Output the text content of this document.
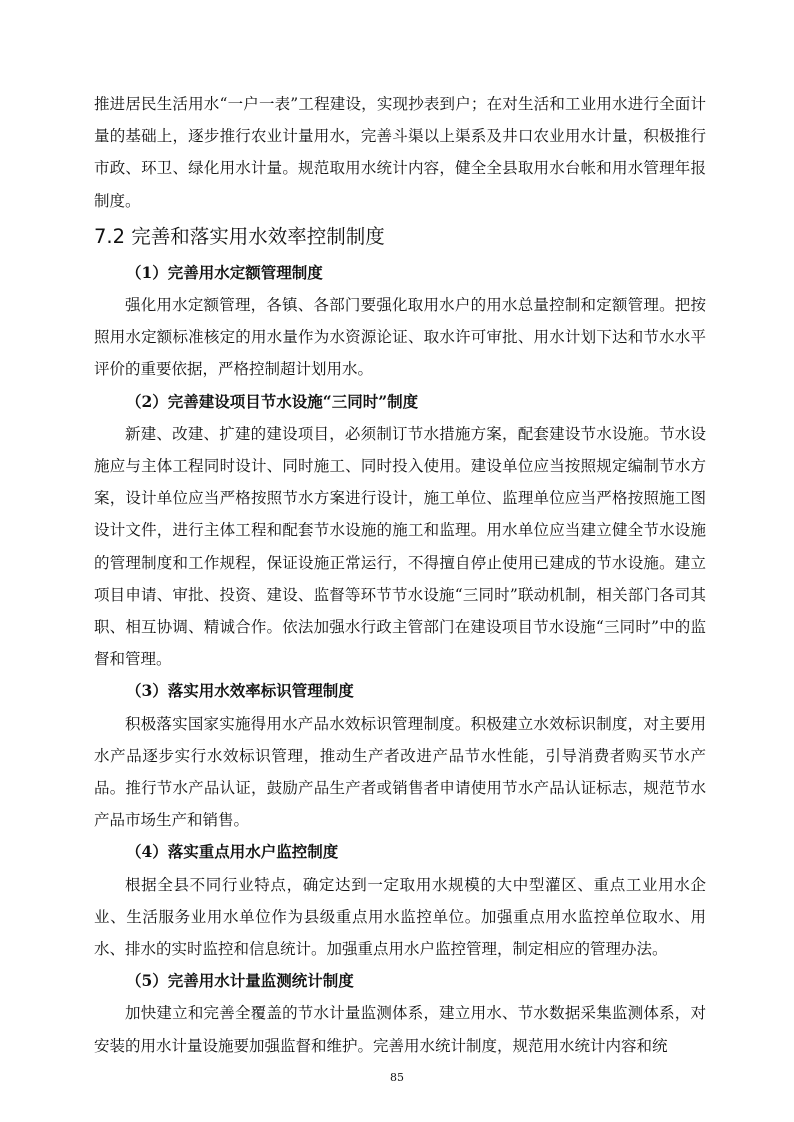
推进居民生活用水“一户一表”工程建设，实现抄表到户；在对生活和工业用水进行全面计量的基础上，逐步推行农业计量用水，完善斗渠以上渠系及井口农业用水计量，积极推行市政、环卫、绿化用水计量。规范取用水统计内容，健全全县取用水台帐和用水管理年报制度。

7.2 完善和落实用水效率控制制度

（1）完善用水定额管理制度

强化用水定额管理，各镇、各部门要强化取用水户的用水总量控制和定额管理。把按照用水定额标准核定的用水量作为水资源论证、取水许可审批、用水计划下达和节水水平评价的重要依据，严格控制超计划用水。

（2）完善建设项目节水设施“三同时”制度

新建、改建、扩建的建设项目，必须制订节水措施方案，配套建设节水设施。节水设施应与主体工程同时设计、同时施工、同时投入使用。建设单位应当按照规定编制节水方案，设计单位应当严格按照节水方案进行设计，施工单位、监理单位应当严格按照施工图设计文件，进行主体工程和配套节水设施的施工和监理。用水单位应当建立健全节水设施的管理制度和工作规程，保证设施正常运行，不得擅自停止使用已建成的节水设施。建立项目申请、审批、投资、建设、监督等环节节水设施“三同时”联动机制，相关部门各司其职、相互协调、精诚合作。依法加强水行政主管部门在建设项目节水设施“三同时”中的监督和管理。

（3）落实用水效率标识管理制度

积极落实国家实施得用水产品水效标识管理制度。积极建立水效标识制度，对主要用水产品逐步实行水效标识管理，推动生产者改进产品节水性能，引导消费者购买节水产品。推行节水产品认证，鼓励产品生产者或销售者申请使用节水产品认证标志，规范节水产品市场生产和销售。

（4）落实重点用水户监控制度

根据全县不同行业特点，确定达到一定取用水规模的大中型灌区、重点工业用水企业、生活服务业用水单位作为县级重点用水监控单位。加强重点用水监控单位取水、用水、排水的实时监控和信息统计。加强重点用水户监控管理，制定相应的管理办法。

（5）完善用水计量监测统计制度

加快建立和完善全覆盖的节水计量监测体系，建立用水、节水数据采集监测体系，对安装的用水计量设施要加强监督和维护。完善用水统计制度，规范用水统计内容和统

85
